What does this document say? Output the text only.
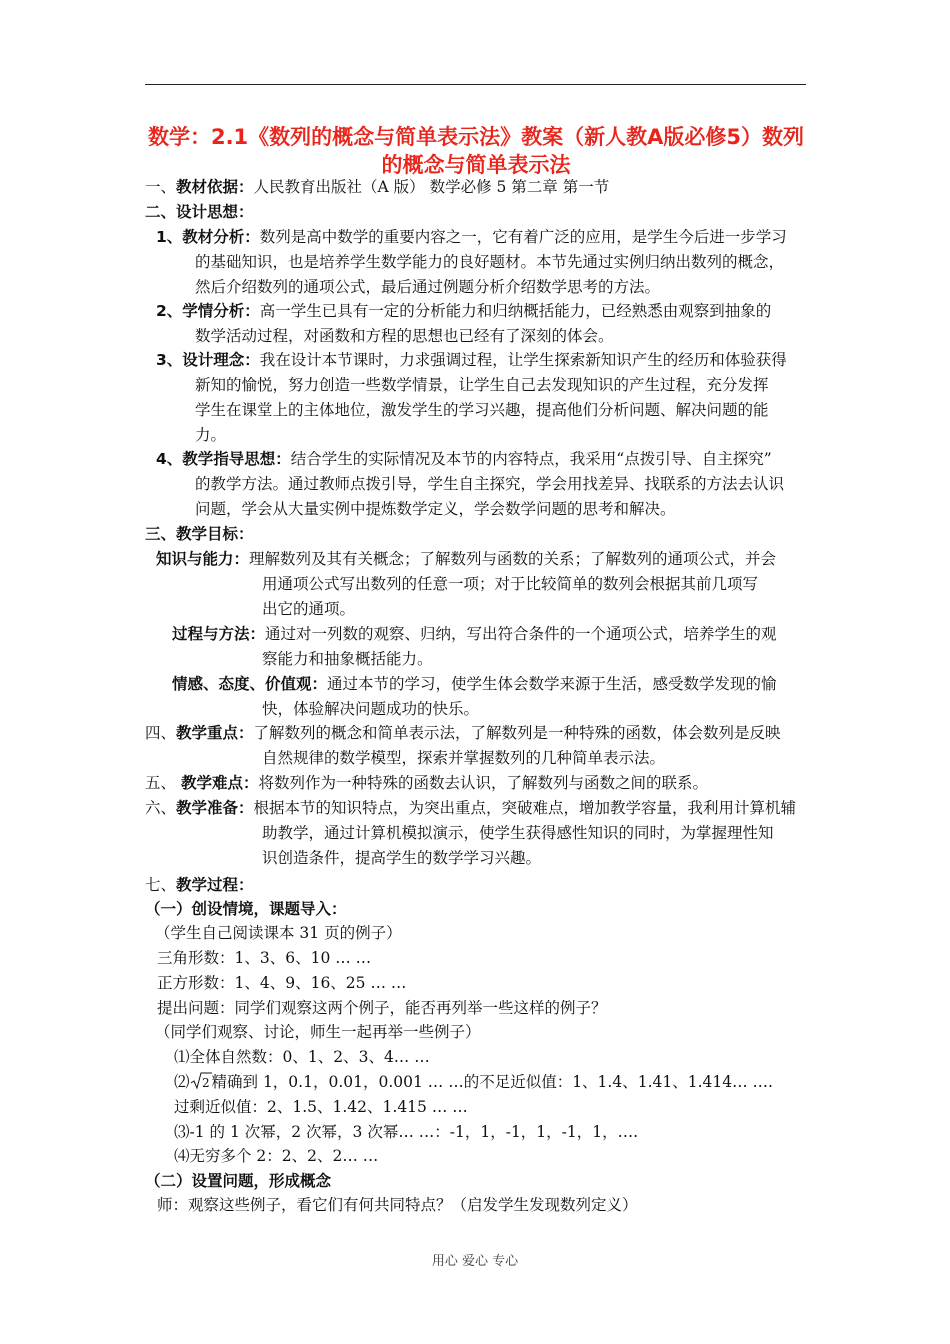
数学：2.1《数列的概念与简单表示法》教案（新人教A版必修5）数列
的概念与简单表示法
一、教材依据：人民教育出版社（A 版） 数学必修 5 第二章 第一节
二、设计思想：
1、教材分析：数列是高中数学的重要内容之一，它有着广泛的应用，是学生今后进一步学习
的基础知识，也是培养学生数学能力的良好题材。本节先通过实例归纳出数列的概念，
然后介绍数列的通项公式，最后通过例题分析介绍数学思考的方法。
2、学情分析：高一学生已具有一定的分析能力和归纳概括能力，已经熟悉由观察到抽象的
数学活动过程，对函数和方程的思想也已经有了深刻的体会。
3、设计理念：我在设计本节课时，力求强调过程，让学生探索新知识产生的经历和体验获得
新知的愉悦，努力创造一些数学情景，让学生自己去发现知识的产生过程，充分发挥
学生在课堂上的主体地位，激发学生的学习兴趣，提高他们分析问题、解决问题的能
力。
4、教学指导思想：结合学生的实际情况及本节的内容特点，我采用“点拨引导、自主探究”
的教学方法。通过教师点拨引导，学生自主探究，学会用找差异、找联系的方法去认识
问题，学会从大量实例中提炼数学定义，学会数学问题的思考和解决。
三、教学目标：
知识与能力：理解数列及其有关概念；了解数列与函数的关系；了解数列的通项公式，并会
用通项公式写出数列的任意一项；对于比较简单的数列会根据其前几项写
出它的通项。
过程与方法：通过对一列数的观察、归纳，写出符合条件的一个通项公式，培养学生的观
察能力和抽象概括能力。
情感、态度、价值观：通过本节的学习，使学生体会数学来源于生活，感受数学发现的愉
快，体验解决问题成功的快乐。
四、教学重点：了解数列的概念和简单表示法，了解数列是一种特殊的函数，体会数列是反映
自然规律的数学模型，探索并掌握数列的几种简单表示法。
五、 教学难点：将数列作为一种特殊的函数去认识，了解数列与函数之间的联系。
六、教学准备：根据本节的知识特点，为突出重点，突破难点，增加教学容量，我利用计算机辅
助教学，通过计算机模拟演示，使学生获得感性知识的同时，为掌握理性知
识创造条件，提高学生的数学学习兴趣。
七、教学过程：
（一）创设情境，课题导入：
（学生自己阅读课本 31 页的例子）
三角形数：1、3、6、10 … …
正方形数：1、4、9、16、25 … …
提出问题：同学们观察这两个例子，能否再列举一些这样的例子？
（同学们观察、讨论，师生一起再举一些例子）
⑴全体自然数：0、1、2、3、4… …
⑵ 2 精确到 1，0.1，0.01，0.001 … …的不足近似值：1、1.4、1.41、1.414… ….
过剩近似值：2、1.5、1.42、1.415 … …
⑶-1 的 1 次幂，2 次幂，3 次幂… …：-1，1，-1，1，-1，1，….
⑷无穷多个 2：2、2、2… …
（二）设置问题，形成概念
师：观察这些例子，看它们有何共同特点？（启发学生发现数列定义）
用心 爱心 专心
